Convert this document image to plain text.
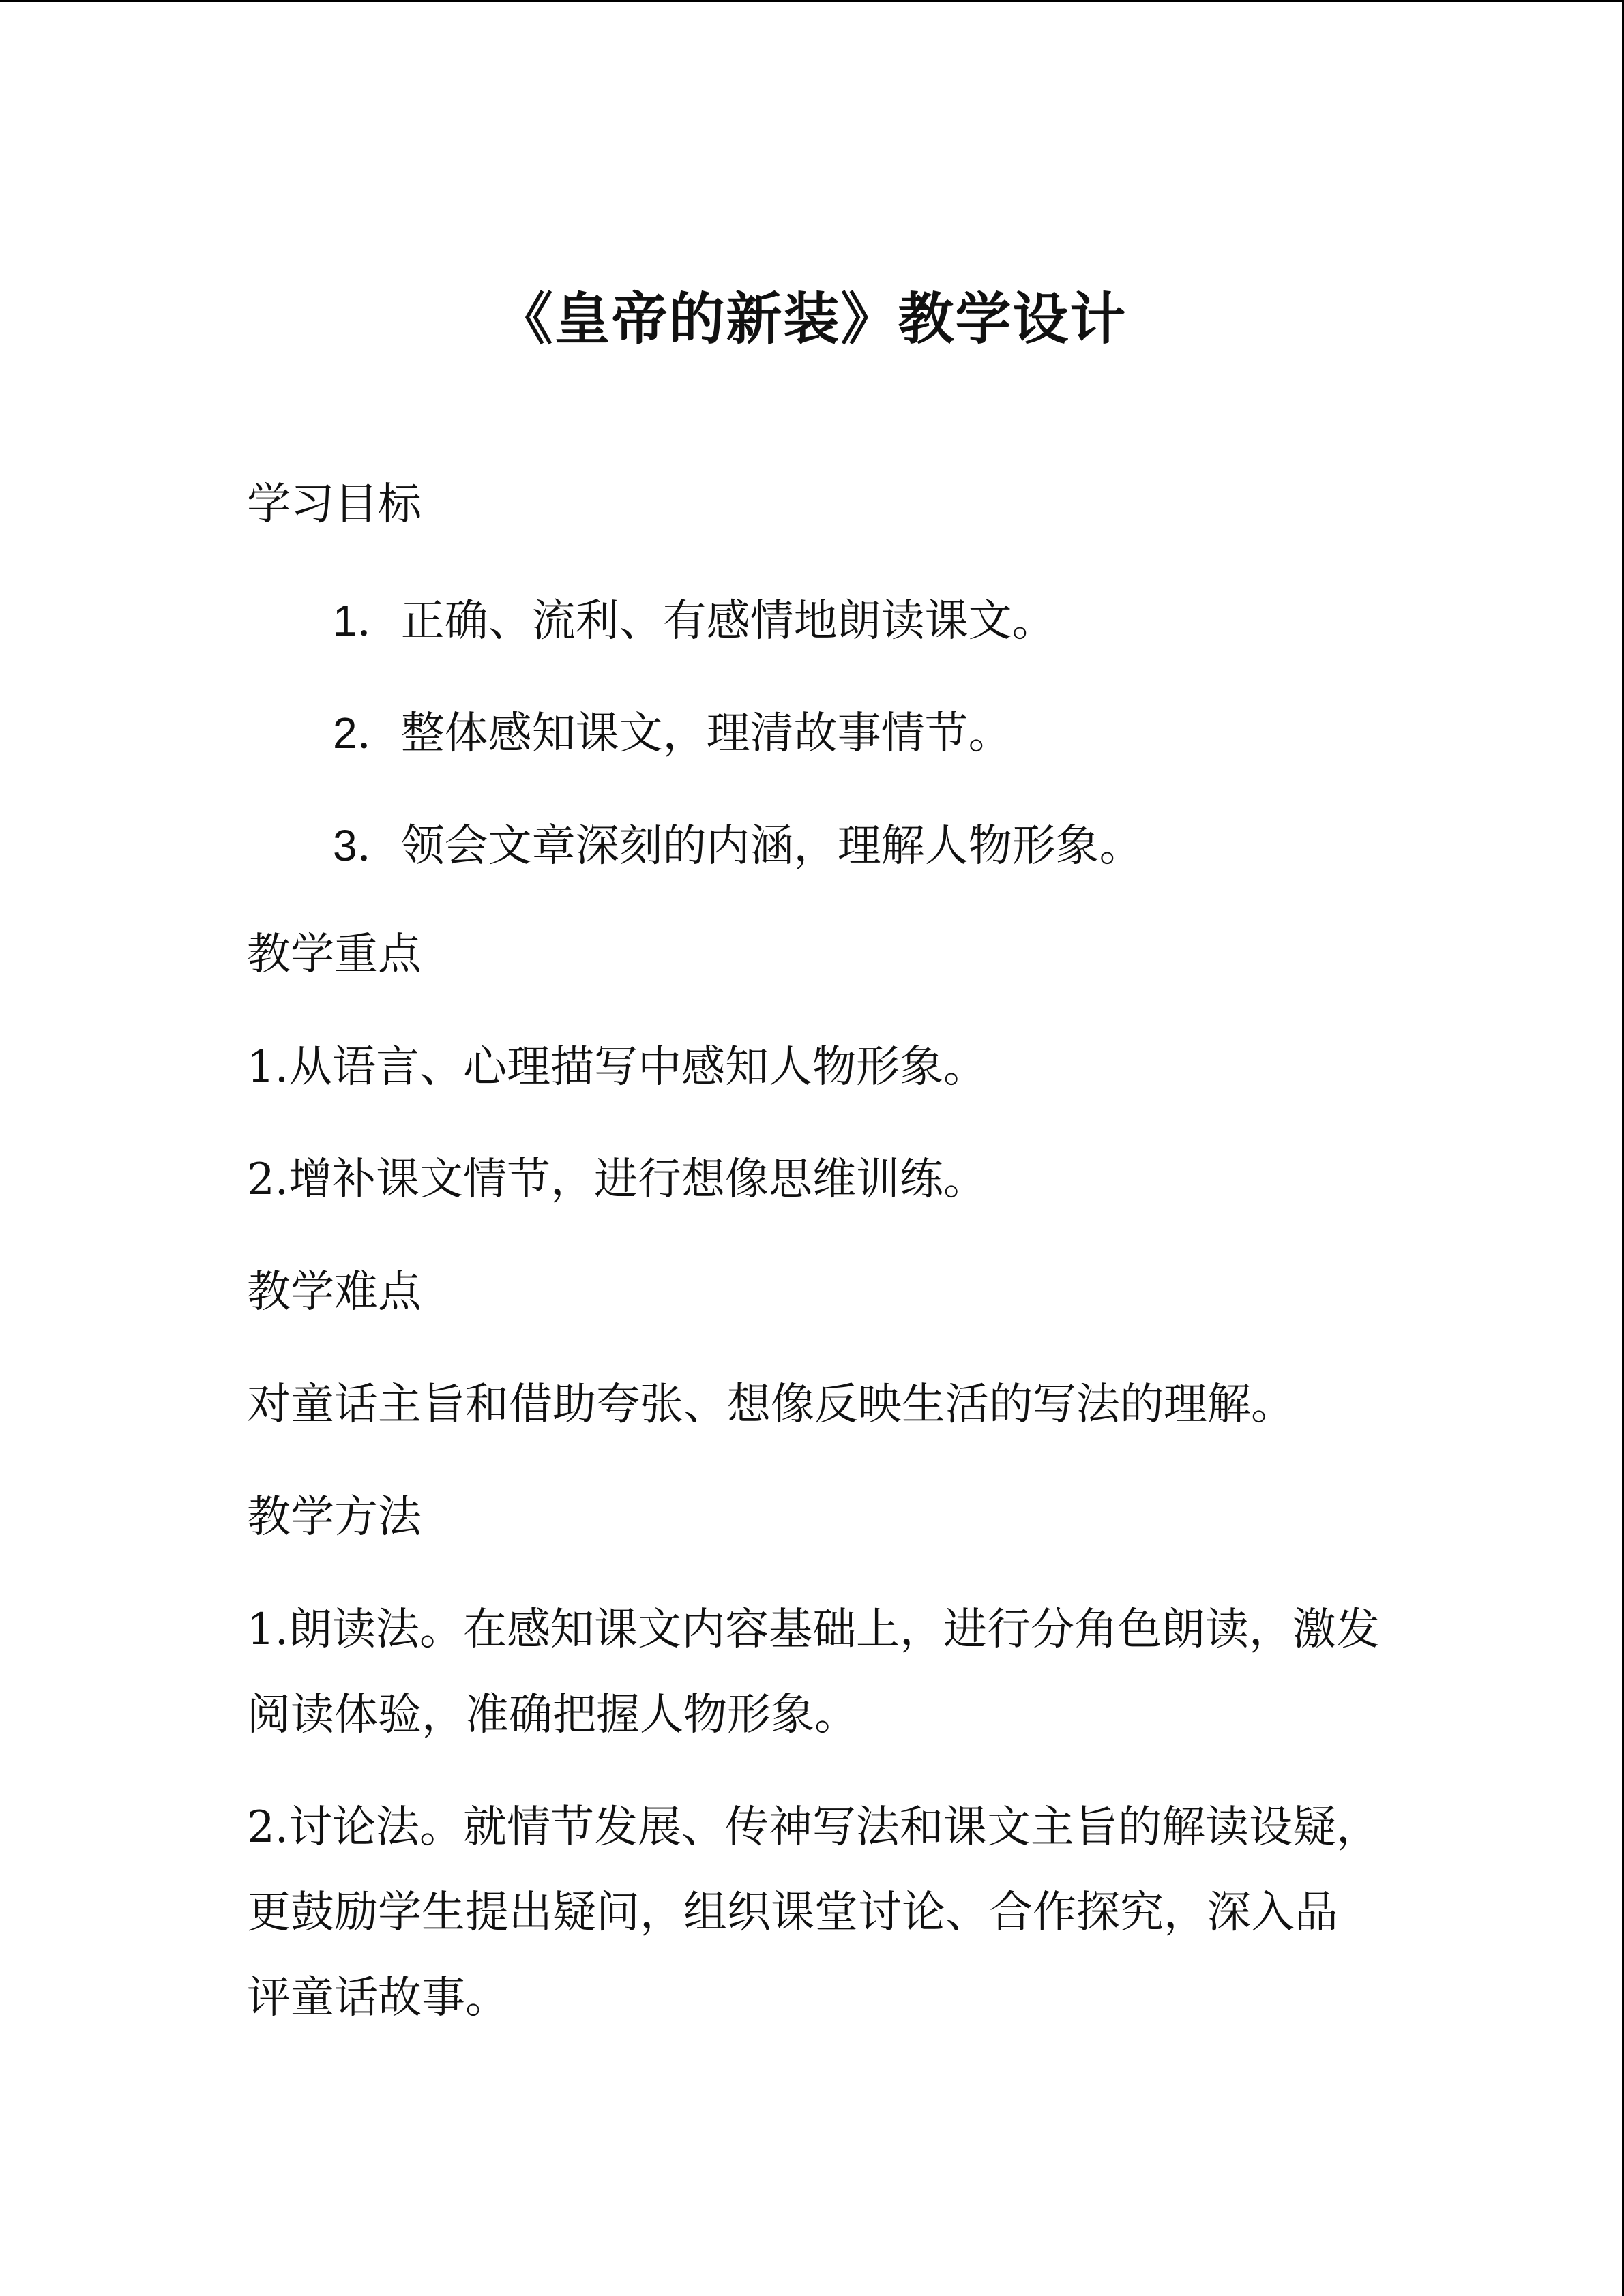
《皇帝的新装》教学设计
学习目标
1．正确、流利、有感情地朗读课文。
2．整体感知课文，理清故事情节。
3．领会文章深刻的内涵，理解人物形象。
教学重点
1.从语言、心理描写中感知人物形象。
2.增补课文情节，进行想像思维训练。
教学难点
对童话主旨和借助夸张、想像反映生活的写法的理解。
教学方法
1.朗读法。在感知课文内容基础上，进行分角色朗读，激发
阅读体验，准确把握人物形象。
2.讨论法。就情节发展、传神写法和课文主旨的解读设疑，
更鼓励学生提出疑问，组织课堂讨论、合作探究，深入品
评童话故事。
